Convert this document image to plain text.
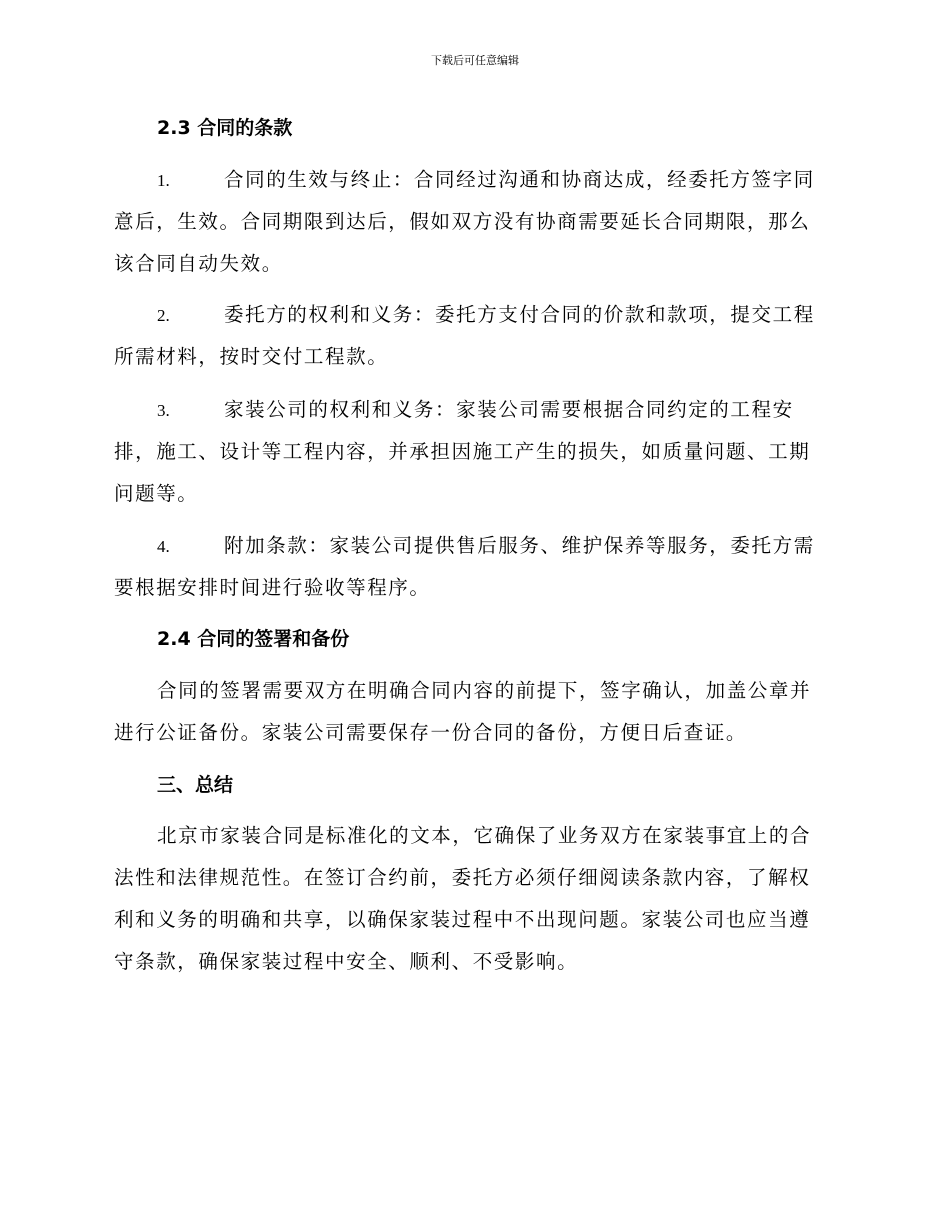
下载后可任意编辑
2.3 合同的条款
1.	合同的生效与终止：合同经过沟通和协商达成，经委托方签字同
意后，生效。合同期限到达后，假如双方没有协商需要延长合同期限，那么
该合同自动失效。
2.	委托方的权利和义务：委托方支付合同的价款和款项，提交工程
所需材料，按时交付工程款。
3.	家装公司的权利和义务：家装公司需要根据合同约定的工程安
排，施工、设计等工程内容，并承担因施工产生的损失，如质量问题、工期
问题等。
4.	附加条款：家装公司提供售后服务、维护保养等服务，委托方需
要根据安排时间进行验收等程序。
2.4 合同的签署和备份
合同的签署需要双方在明确合同内容的前提下，签字确认，加盖公章并
进行公证备份。家装公司需要保存一份合同的备份，方便日后查证。
三、总结
北京市家装合同是标准化的文本，它确保了业务双方在家装事宜上的合
法性和法律规范性。在签订合约前，委托方必须仔细阅读条款内容，了解权
利和义务的明确和共享，以确保家装过程中不出现问题。家装公司也应当遵
守条款，确保家装过程中安全、顺利、不受影响。
